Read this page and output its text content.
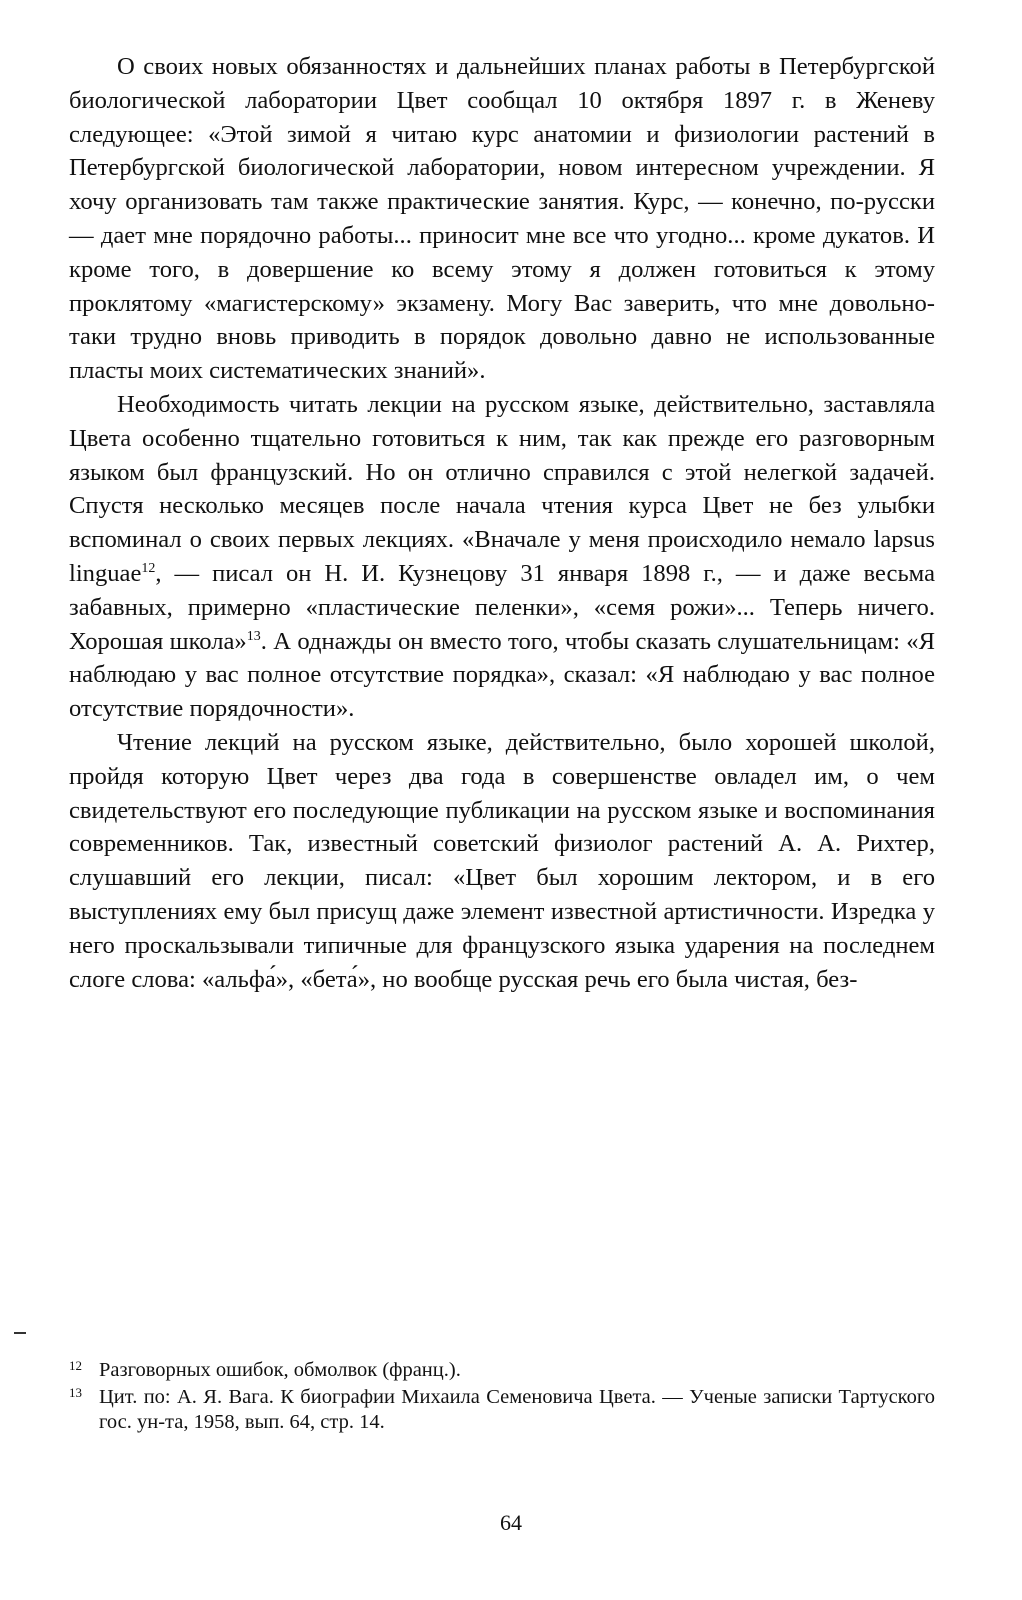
О своих новых обязанностях и дальнейших планах работы в Петербургской биологической лаборатории Цвет сообщал 10 октября 1897 г. в Женеву следующее: «Этой зимой я читаю курс анатомии и физиологии растений в Петербургской биологической лаборатории, новом интересном учреждении. Я хочу организовать там также практические занятия. Курс, — конечно, по-русски — дает мне порядочно работы... приносит мне все что угодно... кроме дукатов. И кроме того, в довершение ко всему этому я должен готовиться к этому проклятому «магистерскому» экзамену. Могу Вас заверить, что мне довольно-таки трудно вновь приводить в порядок довольно давно не использованные пласты моих систематических знаний».

Необходимость читать лекции на русском языке, действительно, заставляла Цвета особенно тщательно готовиться к ним, так как прежде его разговорным языком был французский. Но он отлично справился с этой нелегкой задачей. Спустя несколько месяцев после начала чтения курса Цвет не без улыбки вспоминал о своих первых лекциях. «Вначале у меня происходило немало lapsus linguae$^{12}$, — писал он Н. И. Кузнецову 31 января 1898 г., — и даже весьма забавных, примерно «пластические пеленки», «семя рожи»... Теперь ничего. Хорошая школа»$^{13}$. А однажды он вместо того, чтобы сказать слушательницам: «Я наблюдаю у вас полное отсутствие порядка», сказал: «Я наблюдаю у вас полное отсутствие порядочности».

Чтение лекций на русском языке, действительно, было хорошей школой, пройдя которую Цвет через два года в совершенстве овладел им, о чем свидетельствуют его последующие публикации на русском языке и воспоминания современников. Так, известный советский физиолог растений А. А. Рихтер, слушавший его лекции, писал: «Цвет был хорошим лектором, и в его выступлениях ему был присущ даже элемент известной артистичности. Изредка у него проскальзывали типичные для французского языка ударения на последнем слоге слова: «альфа́», «бета́», но вообще русская речь его была чистая, без-

12 Разговорных ошибок, обмолвок (франц.).
13 Цит. по: А. Я. Вага. К биографии Михаила Семеновича Цвета. — Ученые записки Тартуского гос. ун-та, 1958, вып. 64, стр. 14.
64
